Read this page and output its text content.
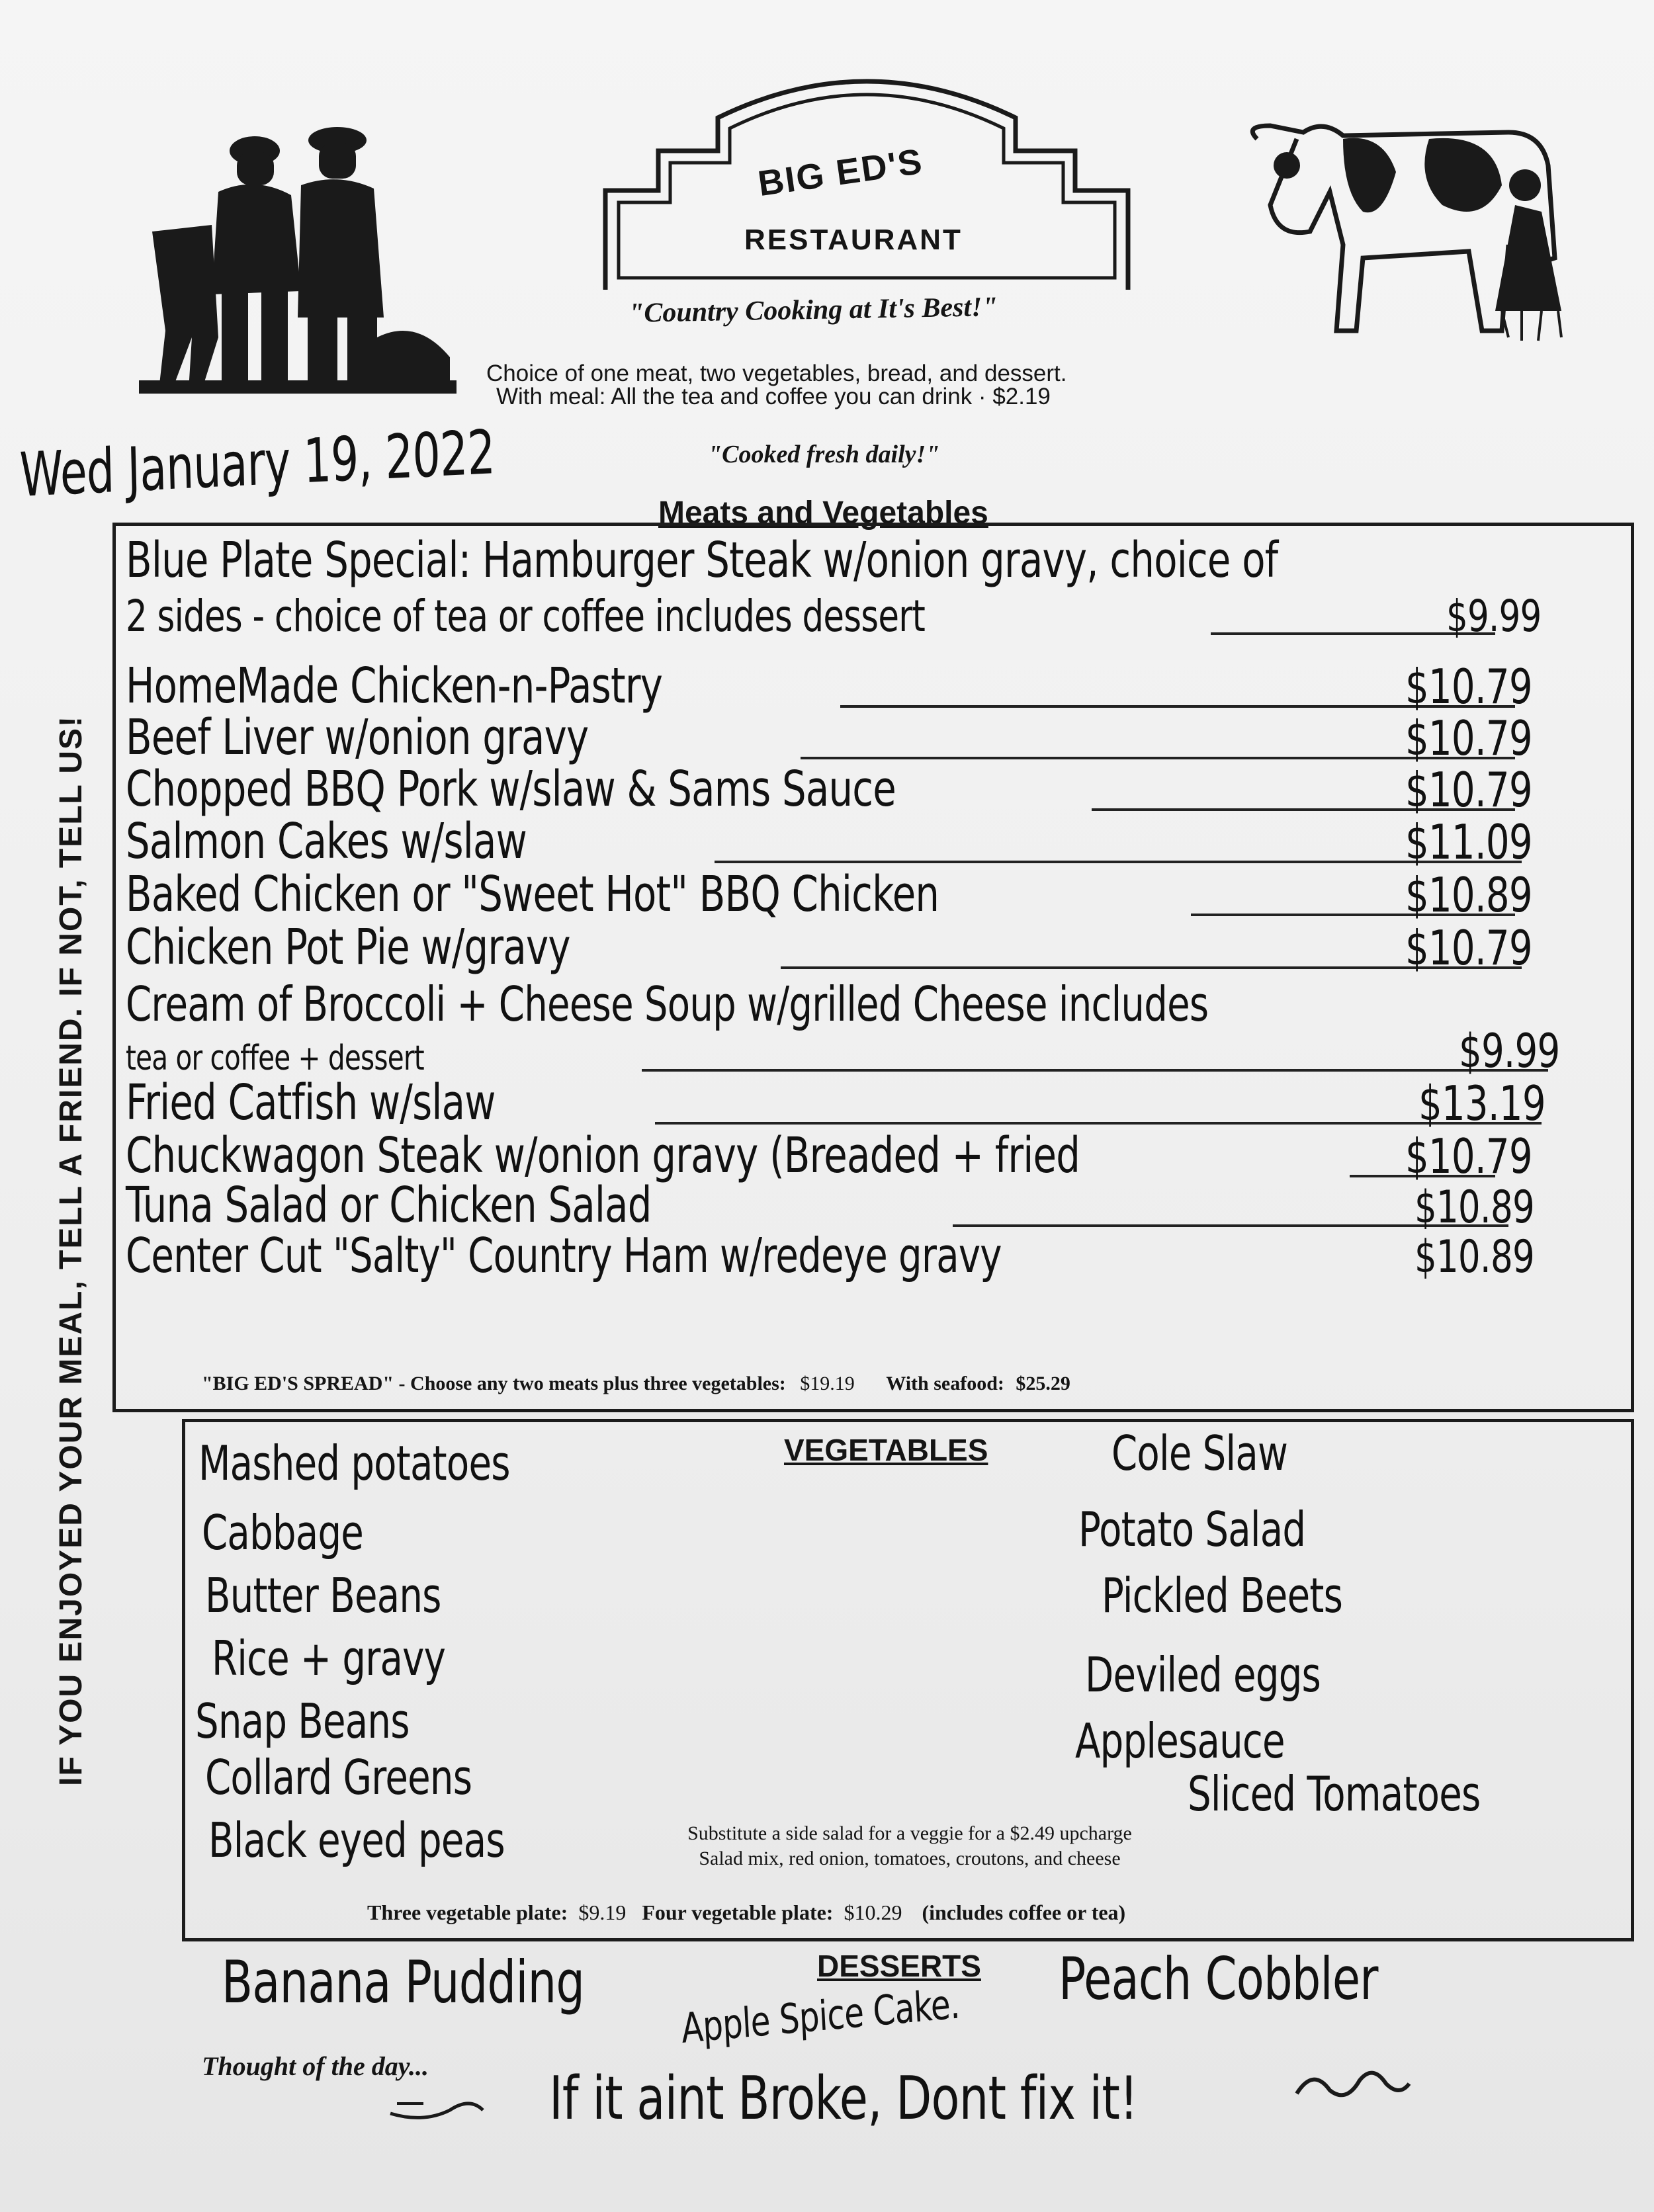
BIG ED'S
RESTAURANT
"Country Cooking at It's Best!"
Choice of one meat, two vegetables, bread, and dessert.
With meal: All the tea and coffee you can drink · $2.19
"Cooked fresh daily!"
Wed January 19, 2022
Meats and Vegetables
IF YOU ENJOYED YOUR MEAL, TELL A FRIEND. IF NOT, TELL US!
Blue Plate Special: Hamburger Steak w/onion gravy, choice of
2 sides - choice of tea or coffee includes dessert	$9.99
HomeMade Chicken-n-Pastry	$10.79
Beef Liver w/onion gravy	$10.79
Chopped BBQ Pork w/slaw & Sams Sauce	$10.79
Salmon Cakes w/slaw	$11.09
Baked Chicken or "Sweet Hot" BBQ Chicken	$10.89
Chicken Pot Pie w/gravy	$10.79
Cream of Broccoli + Cheese Soup w/grilled Cheese includes
tea or coffee + dessert	$9.99
Fried Catfish w/slaw	$13.19
Chuckwagon Steak w/onion gravy (Breaded + fried	$10.79
Tuna Salad or Chicken Salad	$10.89
Center Cut "Salty" Country Ham w/redeye gravy	$10.89
"BIG ED'S SPREAD" - Choose any two meats plus three vegetables: $19.19 With seafood: $25.29
VEGETABLES
Mashed potatoes
Cabbage
Butter Beans
Rice + gravy
Snap Beans
Collard Greens
Black eyed peas
Cole Slaw
Potato Salad
Pickled Beets
Deviled eggs
Applesauce
Sliced Tomatoes
Substitute a side salad for a veggie for a $2.49 upcharge
Salad mix, red onion, tomatoes, croutons, and cheese
Three vegetable plate: $9.19 Four vegetable plate: $10.29 (includes coffee or tea)
DESSERTS
Banana Pudding Apple Spice Cake.
Peach Cobbler
Thought of the day... If it aint Broke, Dont fix it!
